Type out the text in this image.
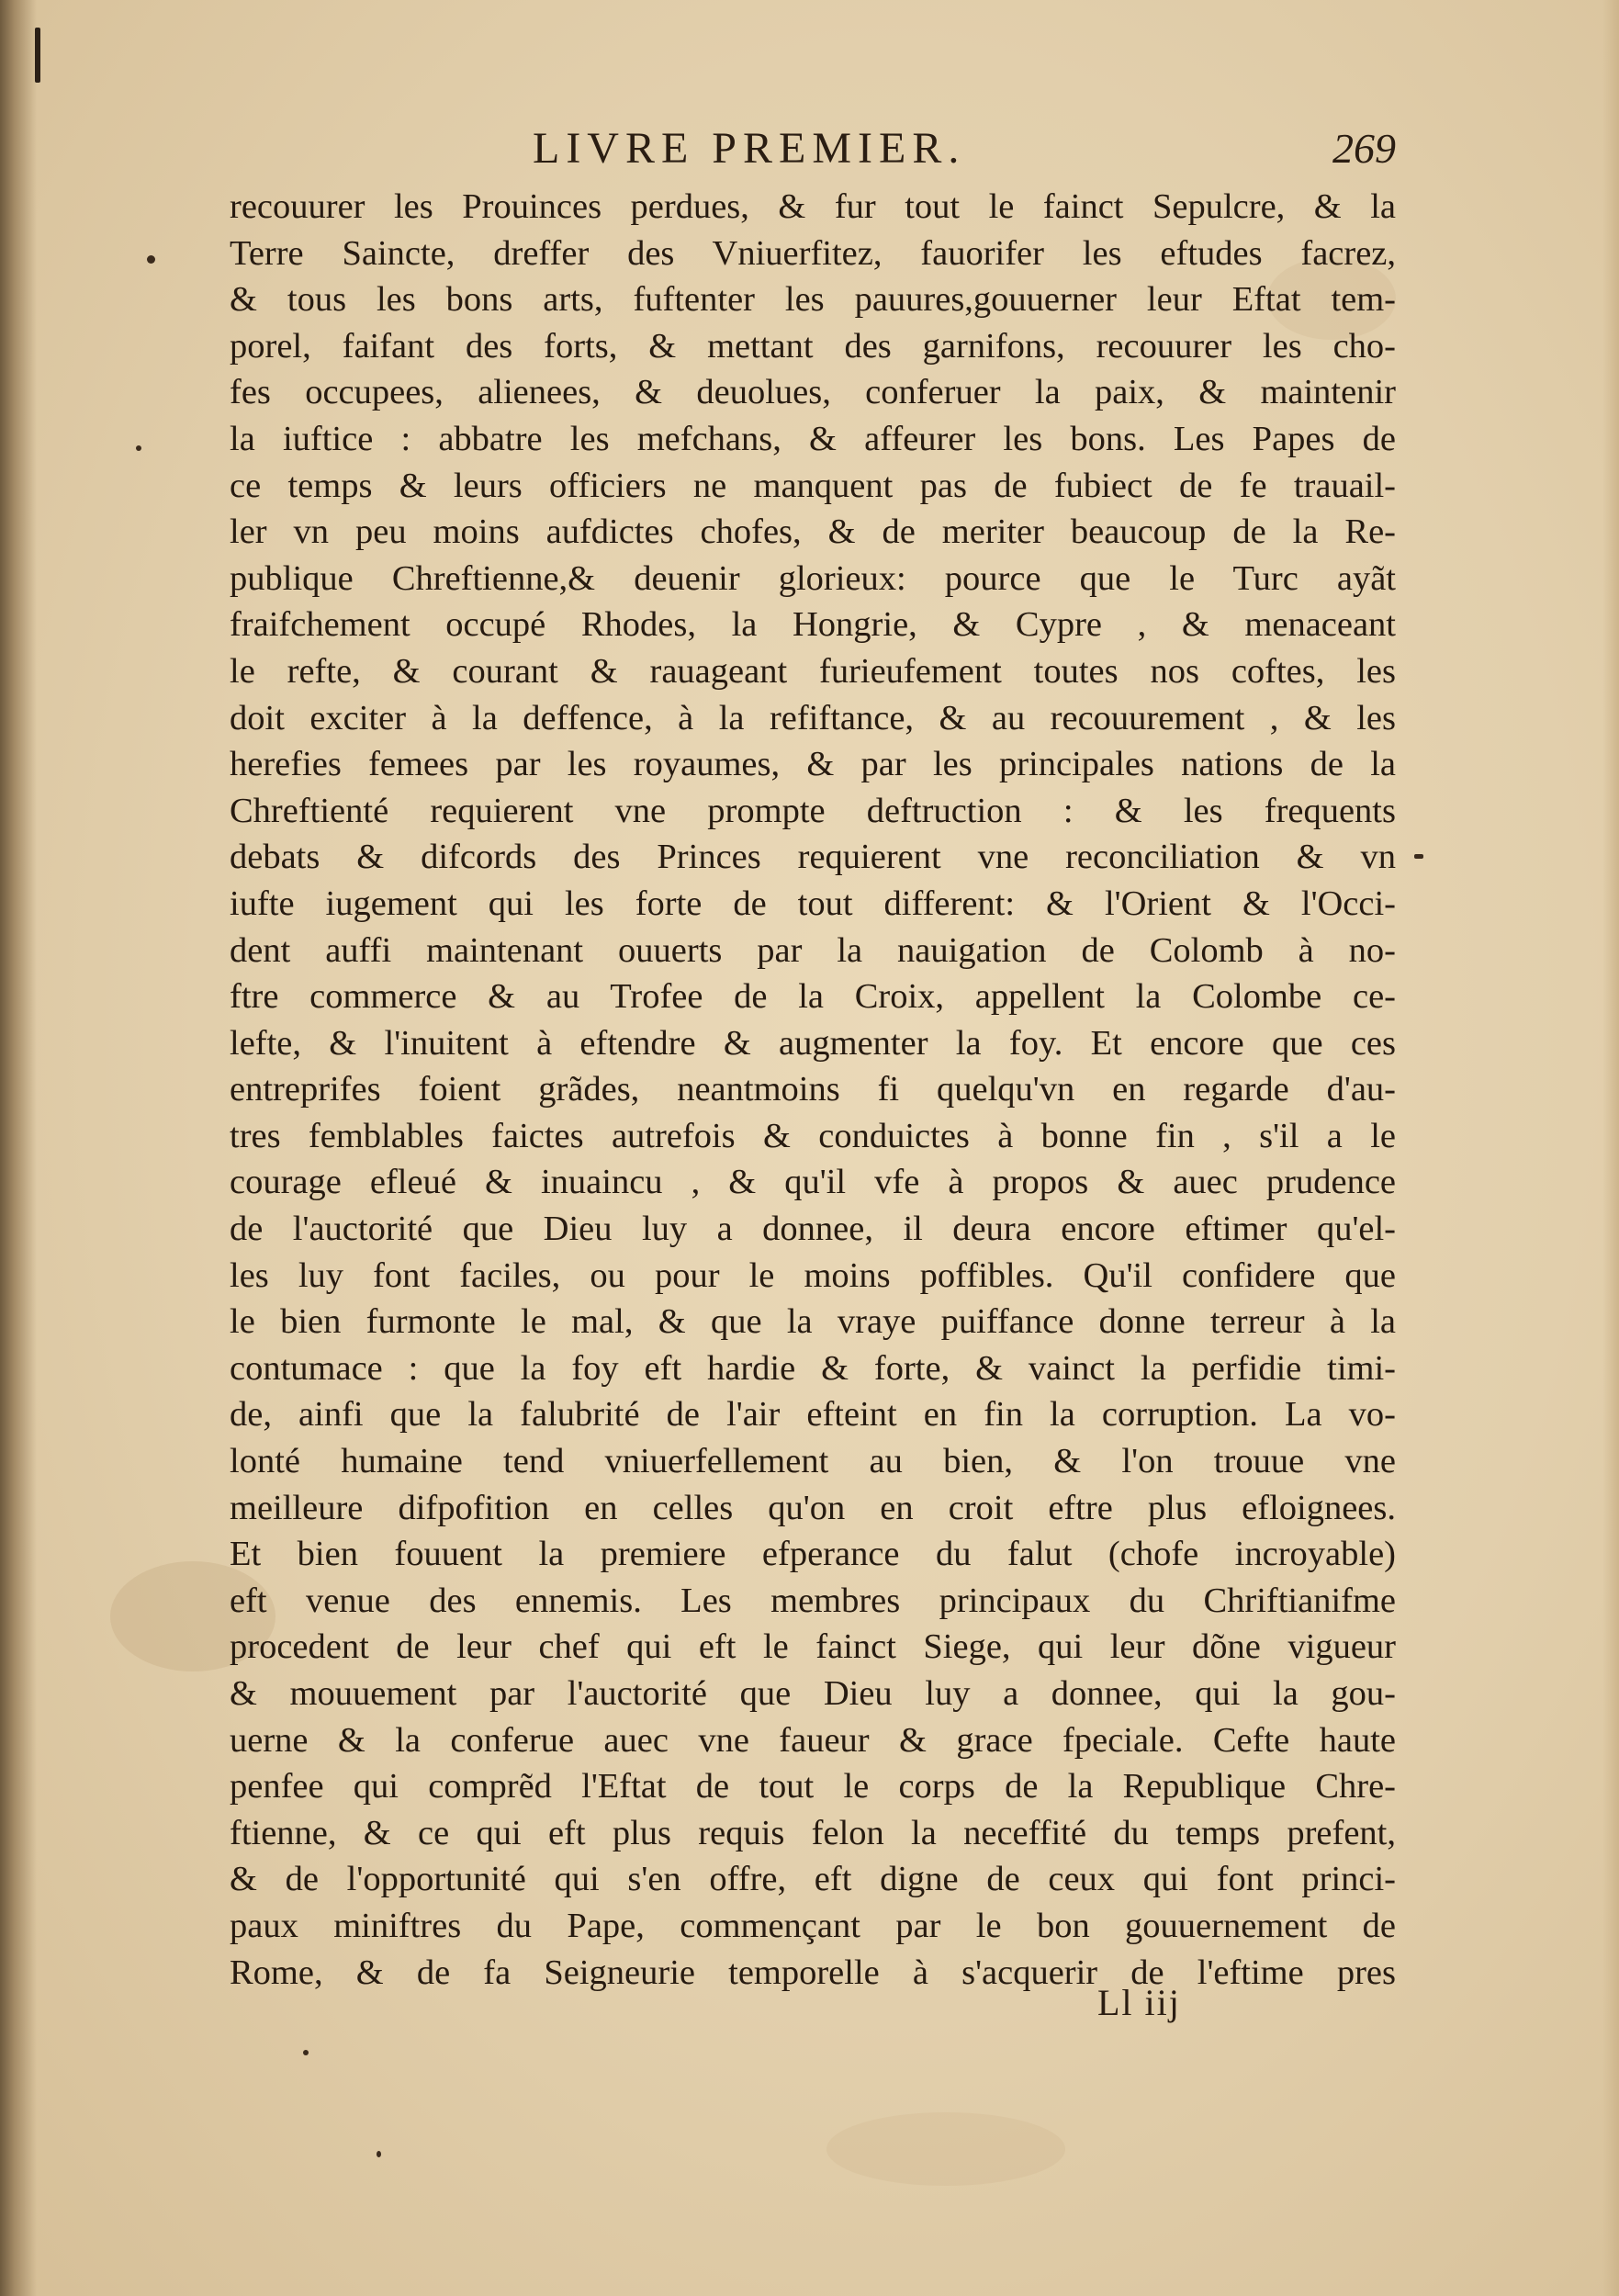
LIVRE PREMIER.	269
recouurer les Prouinces perdues, & fur tout le fainct Sepulcre, & la
Terre Saincte, dreffer des Vniuerfitez, fauorifer les eftudes facrez,
& tous les bons arts, fuftenter les pauures,gouuerner leur Eftat tem-
porel, faifant des forts, & mettant des garnifons, recouurer les cho-
fes occupees, alienees, & deuolues, conferuer la paix, & maintenir
la iuftice : abbatre les mefchans, & affeurer les bons. Les Papes de
ce temps & leurs officiers ne manquent pas de fubiect de fe trauail-
ler vn peu moins aufdictes chofes, & de meriter beaucoup de la Re-
publique Chreftienne,& deuenir glorieux: pource que le Turc ayãt
fraifchement occupé Rhodes, la Hongrie, & Cypre , & menaceant
le refte, & courant & rauageant furieufement toutes nos coftes, les
doit exciter à la deffence, à la refiftance, & au recouurement , & les
herefies femees par les royaumes, & par les principales nations de la
Chreftienté requierent vne prompte deftruction : & les frequents
debats & difcords des Princes requierent vne reconciliation & vn
iufte iugement qui les forte de tout different: & l'Orient & l'Occi-
dent auffi maintenant ouuerts par la nauigation de Colomb à no-
ftre commerce & au Trofee de la Croix, appellent la Colombe ce-
lefte, & l'inuitent à eftendre & augmenter la foy. Et encore que ces
entreprifes foient grãdes, neantmoins fi quelqu'vn en regarde d'au-
tres femblables faictes autrefois & conduictes à bonne fin , s'il a le
courage efleué & inuaincu , & qu'il vfe à propos & auec prudence
de l'auctorité que Dieu luy a donnee, il deura encore eftimer qu'el-
les luy font faciles, ou pour le moins poffibles. Qu'il confidere que
le bien furmonte le mal, & que la vraye puiffance donne terreur à la
contumace : que la foy eft hardie & forte, & vainct la perfidie timi-
de, ainfi que la falubrité de l'air efteint en fin la corruption. La vo-
lonté humaine tend vniuerfellement au bien, & l'on trouue vne
meilleure difpofition en celles qu'on en croit eftre plus efloignees.
Et bien fouuent la premiere efperance du falut (chofe incroyable)
eft venue des ennemis. Les membres principaux du Chriftianifme
procedent de leur chef qui eft le fainct Siege, qui leur dõne vigueur
& mouuement par l'auctorité que Dieu luy a donnee, qui la gou-
uerne & la conferue auec vne faueur & grace fpeciale. Cefte haute
penfee qui comprẽd l'Eftat de tout le corps de la Republique Chre-
ftienne, & ce qui eft plus requis felon la neceffité du temps prefent,
& de l'opportunité qui s'en offre, eft digne de ceux qui font princi-
paux miniftres du Pape, commençant par le bon gouuernement de
Rome, & de fa Seigneurie temporelle à s'acquerir de l'eftime pres
Ll iij
